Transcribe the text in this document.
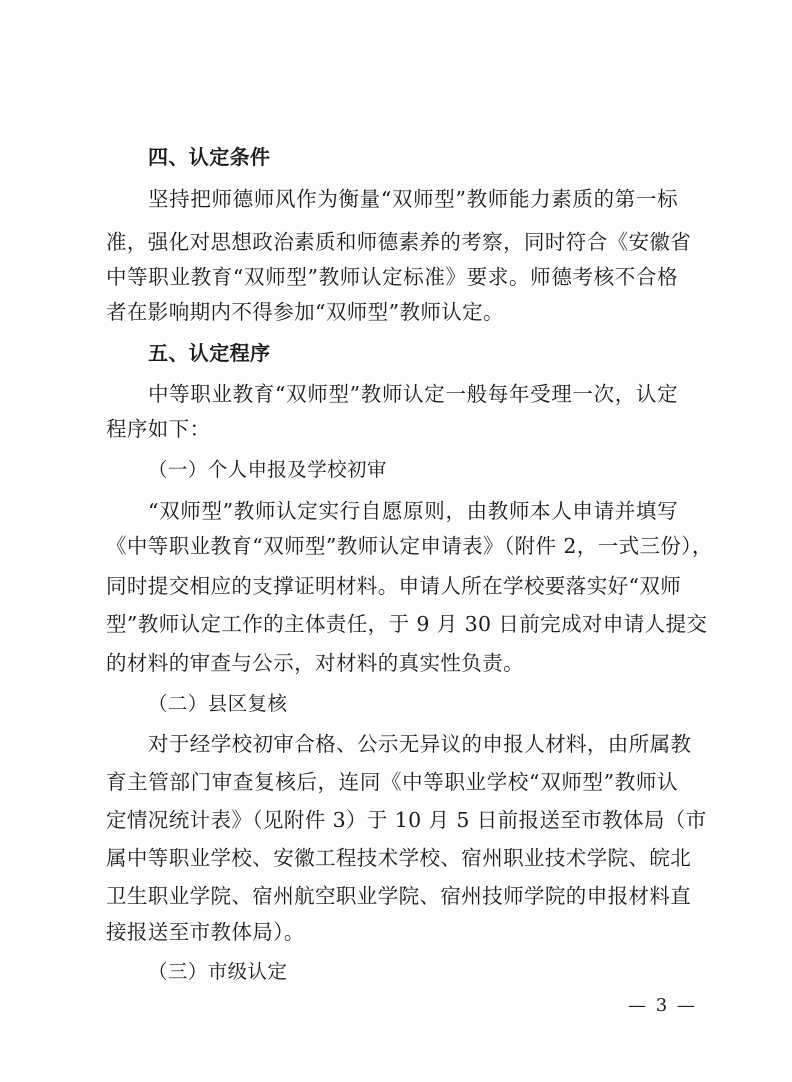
四、认定条件
坚持把师德师风作为衡量“双师型”教师能力素质的第一标
准，强化对思想政治素质和师德素养的考察，同时符合《安徽省
中等职业教育“双师型”教师认定标准》要求。师德考核不合格
者在影响期内不得参加“双师型”教师认定。
五、认定程序
中等职业教育“双师型”教师认定一般每年受理一次，认定
程序如下：
（一）个人申报及学校初审
“双师型”教师认定实行自愿原则，由教师本人申请并填写
《中等职业教育“双师型”教师认定申请表》（附件 2，一式三份），
同时提交相应的支撑证明材料。申请人所在学校要落实好“双师
型”教师认定工作的主体责任，于 9 月 30 日前完成对申请人提交
的材料的审查与公示，对材料的真实性负责。
（二）县区复核
对于经学校初审合格、公示无异议的申报人材料，由所属教
育主管部门审查复核后，连同《中等职业学校“双师型”教师认
定情况统计表》（见附件 3）于 10 月 5 日前报送至市教体局（市
属中等职业学校、安徽工程技术学校、宿州职业技术学院、皖北
卫生职业学院、宿州航空职业学院、宿州技师学院的申报材料直
接报送至市教体局）。
（三）市级认定
— 3 —
